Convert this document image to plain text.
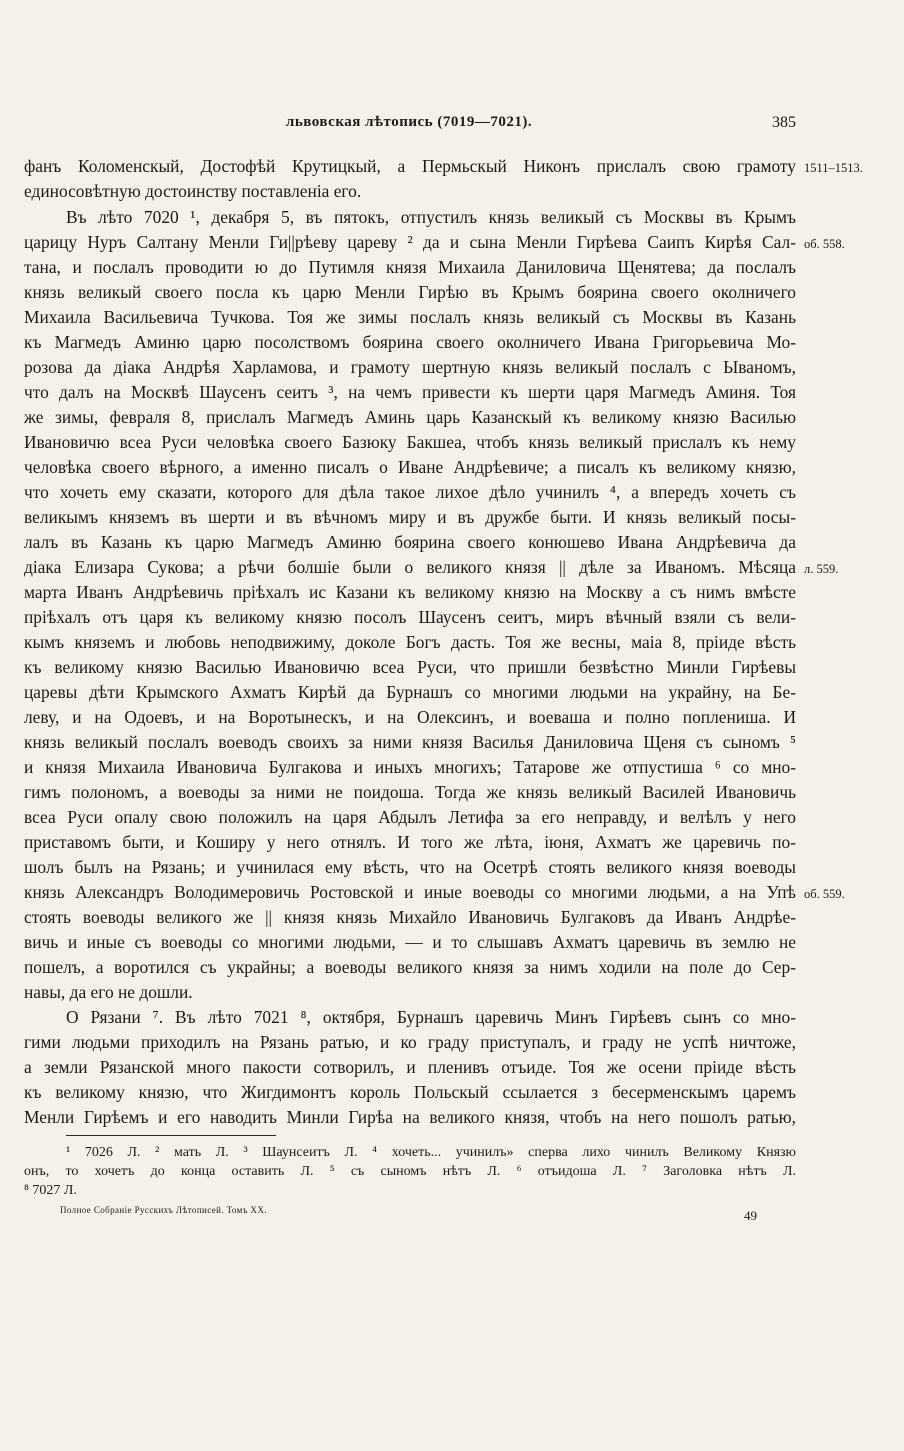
львовская лѣтопись (7019—7021).	385
фанъ Коломенскый, Достофѣй Крутицкый, а Пермьскый Никонъ прислалъ свою грамоту
единосовѣтную достоинству поставленіа его.
Въ лѣто 7020 ¹, декабря 5, въ пятокъ, отпустилъ князь великый съ Москвы въ Крымъ
царицу Нуръ Салтану Менли Ги||рѣеву цареву ² да и сына Менли Гирѣева Саипъ Кирѣя Сал-
тана, и послалъ проводити ю до Путимля князя Михаила Даниловича Щенятева; да послалъ
князь великый своего посла къ царю Менли Гирѣю въ Крымъ боярина своего околничего
Михаила Васильевича Тучкова. Тоя же зимы послалъ князь великый съ Москвы въ Казань
къ Магмедъ Аминю царю посолствомъ боярина своего околничего Ивана Григорьевича Мо-
розова да діака Андрѣя Харламова, и грамоту шертную князь великый послалъ с Ываномъ,
что далъ на Москвѣ Шаусенъ сеитъ ³, на чемъ привести къ шерти царя Магмедъ Аминя. Тоя
же зимы, февраля 8, прислалъ Магмедъ Аминь царь Казанскый къ великому князю Василью
Ивановичю всеа Руси человѣка своего Базюку Бакшеа, чтобъ князь великый прислалъ къ нему
человѣка своего вѣрного, а именно писалъ о Иване Андрѣевиче; а писалъ къ великому князю,
что хочеть ему сказати, которого для дѣла такое лихое дѣло учинилъ ⁴, а впередъ хочеть съ
великымъ княземъ въ шерти и въ вѣчномъ миру и въ дружбе быти. И князь великый посы-
лалъ въ Казань къ царю Магмедъ Аминю боярина своего конюшево Ивана Андрѣевича да
діака Елизара Сукова; а рѣчи болшіе были о великого князя || дѣле за Иваномъ. Мѣсяца
марта Иванъ Андрѣевичь пріѣхалъ ис Казани къ великому князю на Москву а съ нимъ вмѣсте
пріѣхалъ отъ царя къ великому князю посолъ Шаусенъ сеитъ, миръ вѣчный взяли съ вели-
кымъ княземъ и любовь неподвижиму, доколе Богъ дасть. Тоя же весны, маіа 8, пріиде вѣсть
къ великому князю Василью Ивановичю всеа Руси, что пришли безвѣстно Минли Гирѣевы
царевы дѣти Крымского Ахматъ Кирѣй да Бурнашъ со многими людьми на украйну, на Бе-
леву, и на Одоевъ, и на Воротынескъ, и на Олексинъ, и воеваша и полно поплениша. И
князь великый послалъ воеводъ своихъ за ними князя Василья Даниловича Щеня съ сыномъ ⁵
и князя Михаила Ивановича Булгакова и иныхъ многихъ; Татарове же отпустиша ⁶ со мно-
гимъ полономъ, а воеводы за ними не поидоша. Тогда же князь великый Василей Ивановичь
всеа Руси опалу свою положилъ на царя Абдылъ Летифа за его неправду, и велѣлъ у него
приставомъ быти, и Коширу у него отнялъ. И того же лѣта, іюня, Ахматъ же царевичь по-
шолъ былъ на Рязань; и учинилася ему вѣсть, что на Осетрѣ стоять великого князя воеводы
князь Александръ Володимеровичь Ростовской и иные воеводы со многими людьми, а на Упѣ
стоять воеводы великого же || князя князь Михайло Ивановичь Булгаковъ да Иванъ Андрѣе-
вичь и иные съ воеводы со многими людьми, — и то слышавъ Ахматъ царевичь въ землю не
пошелъ, а воротился съ украйны; а воеводы великого князя за нимъ ходили на поле до Сер-
навы, да его не дошли.
О Рязани ⁷. Въ лѣто 7021 ⁸, октября, Бурнашъ царевичь Минъ Гирѣевъ сынъ со мно-
гими людьми приходилъ на Рязань ратью, и ко граду приступалъ, и граду не успѣ ничтоже,
а земли Рязанской много пакости сотворилъ, и пленивъ отъиде. Тоя же осени пріиде вѣсть
къ великому князю, что Жигдимонтъ король Польскый ссылается з бесерменскымъ царемъ
Менли Гирѣемъ и его наводить Минли Гирѣа на великого князя, чтобъ на него пошолъ ратью,
1511–1513.
об. 558.
л. 559.
об. 559.
¹ 7026 Л. ² мать Л. ³ Шаунсеитъ Л. ⁴ хочеть... учинилъ» сперва лихо чинилъ Великому Князю
онъ, то хочетъ до конца оставить Л. ⁵ съ сыномъ нѣтъ Л. ⁶ отъидоша Л. ⁷ Заголовка нѣтъ Л.
⁸ 7027 Л.
Полное Собраніе Русскихъ Лѣтописей. Томъ XX.	49
